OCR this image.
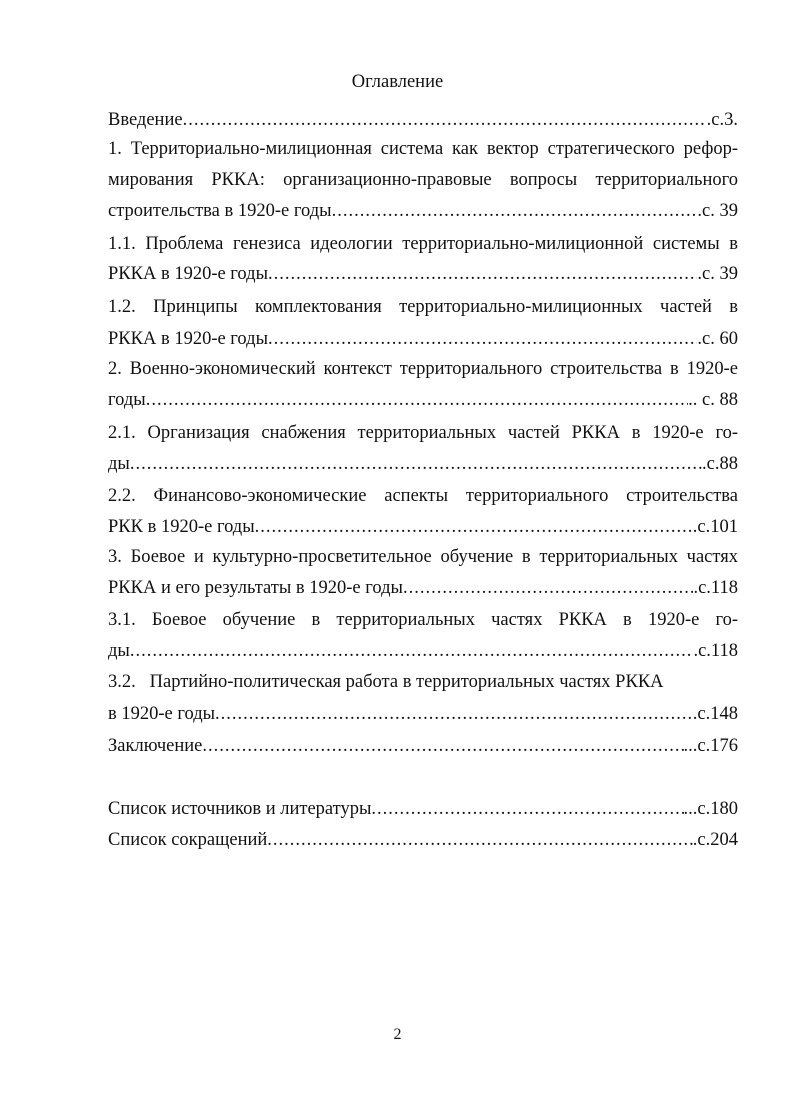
Оглавление
Введение .....	.с.3.
1. Территориально-милиционная система как вектор стратегического рефор-
мирования РККА: организационно-правовые вопросы территориального
строительства в 1920-е годы .....	.с. 39
1.1. Проблема генезиса идеологии территориально-милиционной системы в
РККА в 1920-е годы .....	.с. 39
1.2. Принципы комплектования территориально-милиционных частей в
РККА в 1920-е годы .....	.с. 60
2. Военно-экономический контекст территориального строительства в 1920-е
годы .....	.. с. 88
2.1. Организация снабжения территориальных частей РККА в 1920-е го-
ды .....	.с.88
2.2. Финансово-экономические аспекты территориального строительства
РКК в 1920-е годы .....	.с.101
3. Боевое и культурно-просветительное обучение в территориальных частях
РККА и его результаты в 1920-е годы .....	.с.118
3.1. Боевое обучение в территориальных частях РККА в 1920-е го-
ды .....	.с.118
3.2.   Партийно-политическая работа в территориальных частях РККА
в 1920-е годы .....	.с.148
Заключение .....	...с.176
Список источников и литературы .....	...с.180
Список сокращений .....	.с.204
2
